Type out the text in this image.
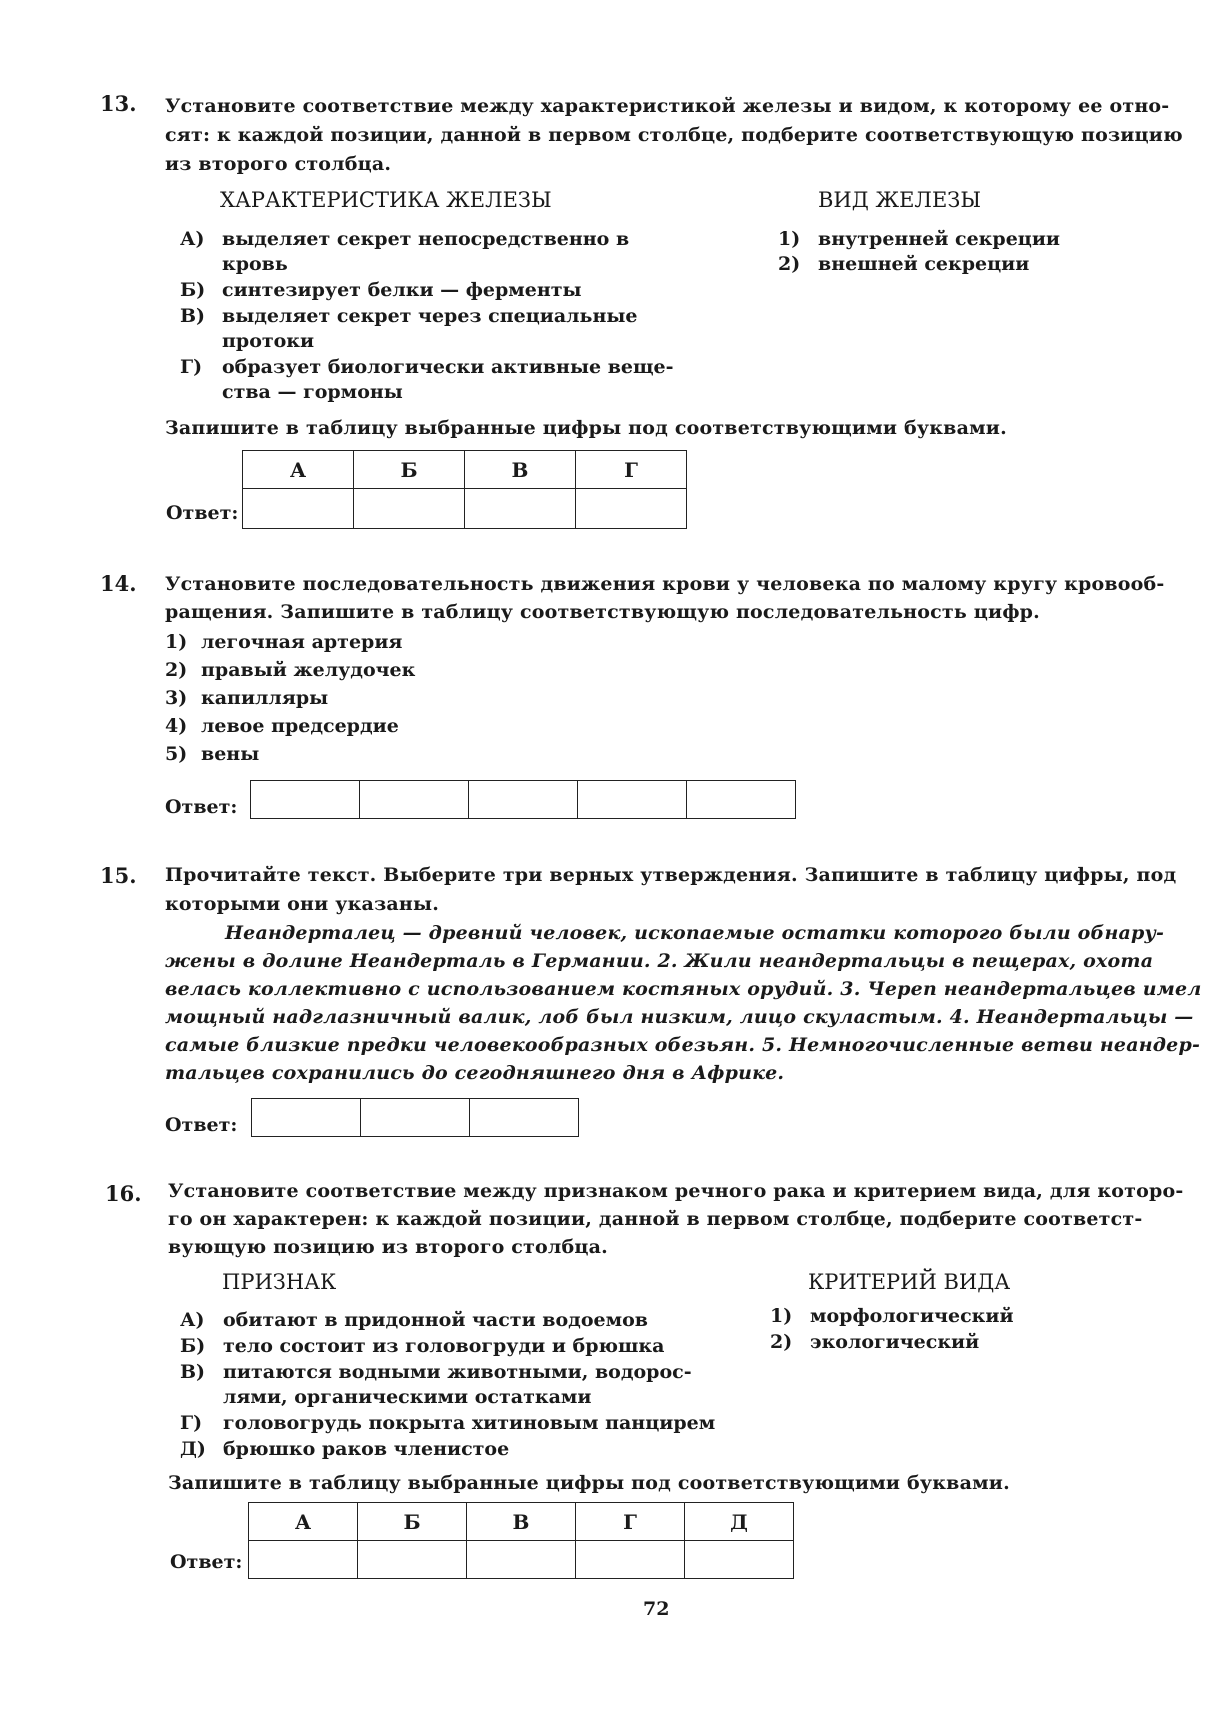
13. Установите соответствие между характеристикой железы и видом, к которому ее отно-
сят: к каждой позиции, данной в первом столбце, подберите соответствующую позицию
из второго столбца.
ХАРАКТЕРИСТИКА ЖЕЛЕЗЫ	ВИД ЖЕЛЕЗЫ
А) выделяет секрет непосредственно в
кровь
Б) синтезирует белки — ферменты
В) выделяет секрет через специальные
протоки
Г) образует биологически активные веще-
ства — гормоны
1) внутренней секреции
2) внешней секреции
Запишите в таблицу выбранные цифры под соответствующими буквами.
А	Б	В	Г

Ответ:
14. Установите последовательность движения крови у человека по малому кругу кровооб-
ращения. Запишите в таблицу соответствующую последовательность цифр.
1) легочная артерия
2) правый желудочек
3) капилляры
4) левое предсердие
5) вены
Ответ:

15. Прочитайте текст. Выберите три верных утверждения. Запишите в таблицу цифры, под
которыми они указаны.
Неандерталец — древний человек, ископаемые остатки которого были обнару-
жены в долине Неандерталь в Германии. 2. Жили неандертальцы в пещерах, охота
велась коллективно с использованием костяных орудий. 3. Череп неандертальцев имел
мощный надглазничный валик, лоб был низким, лицо скуластым. 4. Неандертальцы —
самые близкие предки человекообразных обезьян. 5. Немногочисленные ветви неандер-
тальцев сохранились до сегодняшнего дня в Африке.
Ответ:

16. Установите соответствие между признаком речного рака и критерием вида, для которо-
го он характерен: к каждой позиции, данной в первом столбце, подберите соответст-
вующую позицию из второго столбца.
ПРИЗНАК	КРИТЕРИЙ ВИДА
А) обитают в придонной части водоемов
Б) тело состоит из головогруди и брюшка
В) питаются водными животными, водорос-
лями, органическими остатками
Г) головогрудь покрыта хитиновым панцирем
Д) брюшко раков членистое
1) морфологический
2) экологический
Запишите в таблицу выбранные цифры под соответствующими буквами.
А	Б	В	Г	Д

Ответ:
72
